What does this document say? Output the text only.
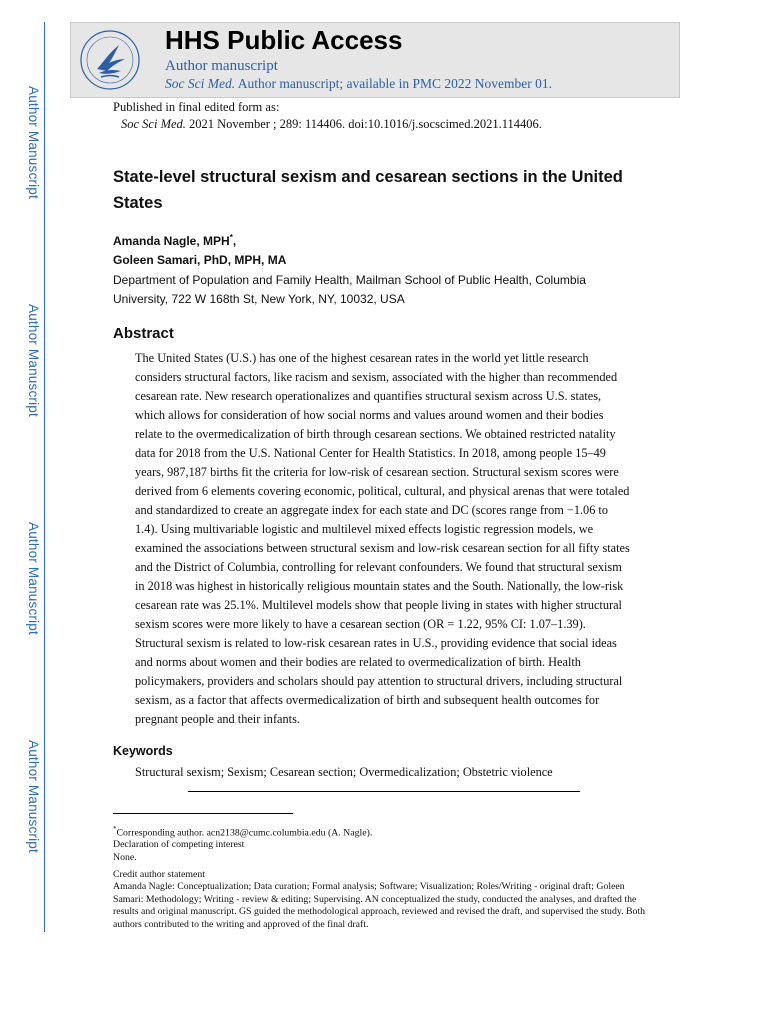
Author Manuscript
Author Manuscript
Author Manuscript
Author Manuscript
HHS Public Access
Author manuscript
Soc Sci Med. Author manuscript; available in PMC 2022 November 01.
Published in final edited form as:
Soc Sci Med. 2021 November ; 289: 114406. doi:10.1016/j.socscimed.2021.114406.
State-level structural sexism and cesarean sections in the United States
Amanda Nagle, MPH*,
Goleen Samari, PhD, MPH, MA
Department of Population and Family Health, Mailman School of Public Health, Columbia University, 722 W 168th St, New York, NY, 10032, USA
Abstract
The United States (U.S.) has one of the highest cesarean rates in the world yet little research considers structural factors, like racism and sexism, associated with the higher than recommended cesarean rate. New research operationalizes and quantifies structural sexism across U.S. states, which allows for consideration of how social norms and values around women and their bodies relate to the overmedicalization of birth through cesarean sections. We obtained restricted natality data for 2018 from the U.S. National Center for Health Statistics. In 2018, among people 15–49 years, 987,187 births fit the criteria for low-risk of cesarean section. Structural sexism scores were derived from 6 elements covering economic, political, cultural, and physical arenas that were totaled and standardized to create an aggregate index for each state and DC (scores range from −1.06 to 1.4). Using multivariable logistic and multilevel mixed effects logistic regression models, we examined the associations between structural sexism and low-risk cesarean section for all fifty states and the District of Columbia, controlling for relevant confounders. We found that structural sexism in 2018 was highest in historically religious mountain states and the South. Nationally, the low-risk cesarean rate was 25.1%. Multilevel models show that people living in states with higher structural sexism scores were more likely to have a cesarean section (OR = 1.22, 95% CI: 1.07–1.39). Structural sexism is related to low-risk cesarean rates in U.S., providing evidence that social ideas and norms about women and their bodies are related to overmedicalization of birth. Health policymakers, providers and scholars should pay attention to structural drivers, including structural sexism, as a factor that affects overmedicalization of birth and subsequent health outcomes for pregnant people and their infants.
Keywords
Structural sexism; Sexism; Cesarean section; Overmedicalization; Obstetric violence
*Corresponding author. acn2138@cumc.columbia.edu (A. Nagle).
Declaration of competing interest
None.
Credit author statement
Amanda Nagle: Conceptualization; Data curation; Formal analysis; Software; Visualization; Roles/Writing - original draft; Goleen Samari: Methodology; Writing - review & editing; Supervising. AN conceptualized the study, conducted the analyses, and drafted the results and original manuscript. GS guided the methodological approach, reviewed and revised the draft, and supervised the study. Both authors contributed to the writing and approved of the final draft.
